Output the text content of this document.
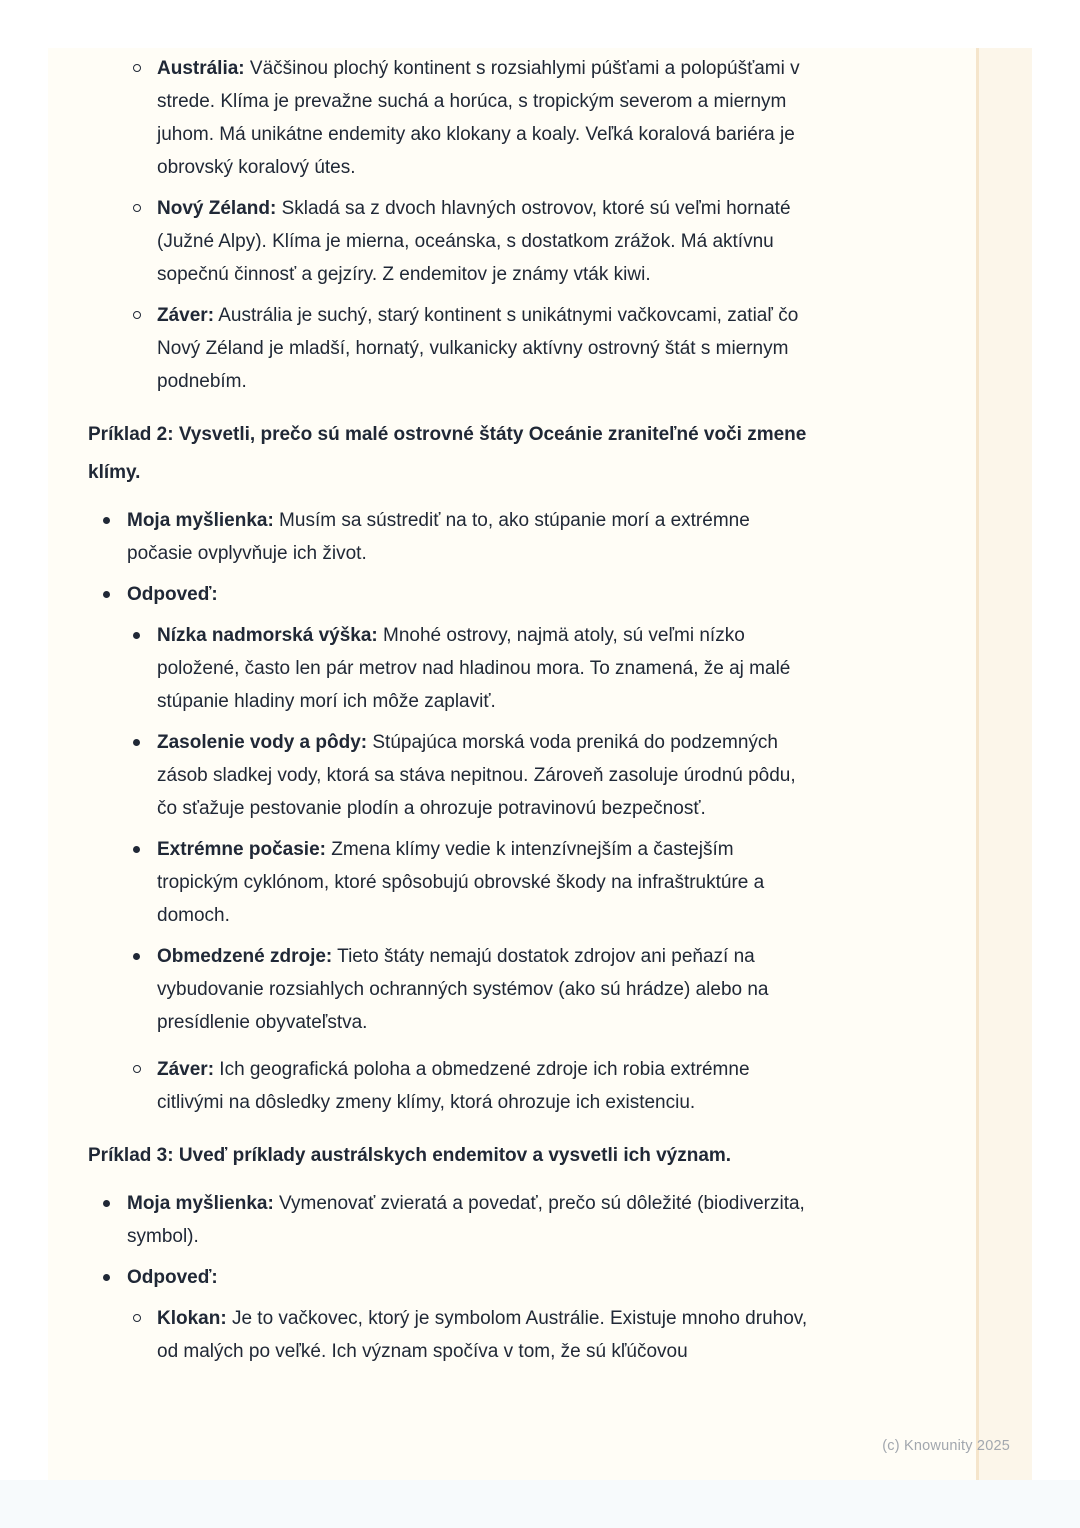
Austrália: Väčšinou plochý kontinent s rozsiahlymi púšťami a polopúšťami v strede. Klíma je prevažne suchá a horúca, s tropickým severom a miernym juhom. Má unikátne endemity ako klokany a koaly. Veľká koralová bariéra je obrovský koralový útes.
Nový Zéland: Skladá sa z dvoch hlavných ostrovov, ktoré sú veľmi hornaté (Južné Alpy). Klíma je mierna, oceánska, s dostatkom zrážok. Má aktívnu sopečnú činnosť a gejzíry. Z endemitov je známy vták kiwi.
Záver: Austrália je suchý, starý kontinent s unikátnymi vačkovcami, zatiaľ čo Nový Zéland je mladší, hornatý, vulkanicky aktívny ostrovný štát s miernym podnebím.
Príklad 2: Vysvetli, prečo sú malé ostrovné štáty Oceánie zraniteľné voči zmene klímy.
Moja myšlienka: Musím sa sústrediť na to, ako stúpanie morí a extrémne počasie ovplyvňuje ich život.
Odpoveď:
Nízka nadmorská výška: Mnohé ostrovy, najmä atoly, sú veľmi nízko položené, často len pár metrov nad hladinou mora. To znamená, že aj malé stúpanie hladiny morí ich môže zaplaviť.
Zasolenie vody a pôdy: Stúpajúca morská voda preniká do podzemných zásob sladkej vody, ktorá sa stáva nepitnou. Zároveň zasoluje úrodnú pôdu, čo sťažuje pestovanie plodín a ohrozuje potravinovú bezpečnosť.
Extrémne počasie: Zmena klímy vedie k intenzívnejším a častejším tropickým cyklónom, ktoré spôsobujú obrovské škody na infraštruktúre a domoch.
Obmedzené zdroje: Tieto štáty nemajú dostatok zdrojov ani peňazí na vybudovanie rozsiahlych ochranných systémov (ako sú hrádze) alebo na presídlenie obyvateľstva.
Záver: Ich geografická poloha a obmedzené zdroje ich robia extrémne citlivými na dôsledky zmeny klímy, ktorá ohrozuje ich existenciu.
Príklad 3: Uveď príklady austrálskych endemitov a vysvetli ich význam.
Moja myšlienka: Vymenovať zvieratá a povedať, prečo sú dôležité (biodiverzita, symbol).
Odpoveď:
Klokan: Je to vačkovec, ktorý je symbolom Austrálie. Existuje mnoho druhov, od malých po veľké. Ich význam spočíva v tom, že sú kľúčovou
(c) Knowunity 2025
